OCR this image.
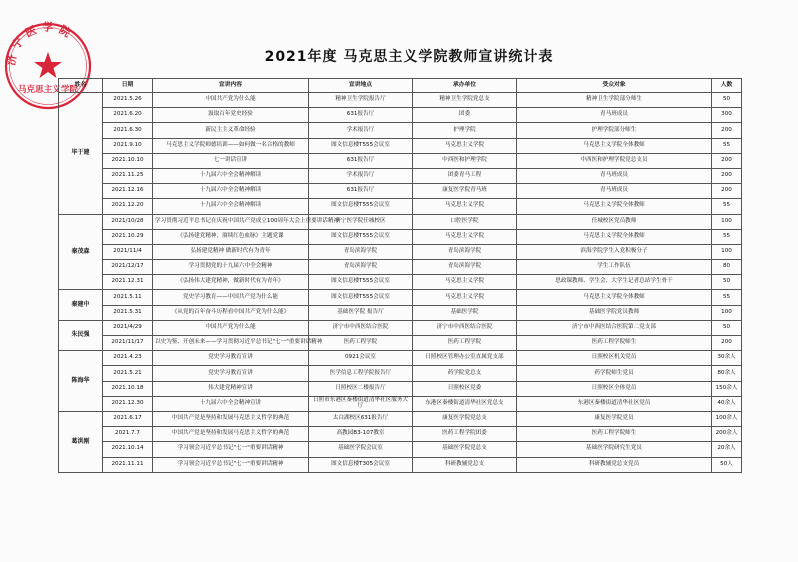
济宁医学院
马克思主义学院
2021年度 马克思主义学院教师宣讲统计表
姓名	日期	宣讲内容	宣讲地点	承办单位	受众对象	人数
毕于建	2021.5.26	中国共产党为什么能	精神卫生学院报告厅	精神卫生学院党总支	精神卫生学院部分师生	50
	2021.6.20	汲取百年党史经验	631报告厅	团委	青马班成员	300
	2021.6.30	新民主主义革命经验	学术报告厅	护理学院	护理学院部分师生	200
	2021.9.10	马克思主义学院师德培训——如何做一名合格的教师	图文信息楼T555会议室	马克思主义学院	马克思主义学院全体教师	55
	2021.10.10	七一讲话宣讲	631报告厅	中西医和护理学院	中西医和护理学院党总支员	200
	2021.11.25	十九届六中全会精神解读	学术报告厅	团委青马工程	青马班成员	200
	2021.12.16	十九届六中全会精神解读	631报告厅	康复医学院青马班	青马班成员	200
	2021.12.20	十九届六中全会精神解读	图文信息楼T555会议室	马克思主义学院	马克思主义学院全体教师	55
秦茂森	2021/10/28	学习贯彻习近平总书记在庆祝中国共产党成立100周年大会上重要讲话精神	济宁医学院任城校区	口腔医学院	任城校区党员教师	100
	2021.10.29	《弘扬建党精神，赓续红色血脉》主题党课	图文信息楼T555会议室	马克思主义学院	马克思主义学院全体教师	55
	2021/11/4	弘扬建党精神 做新时代有为青年	青岛滨海学院	青岛滨海学院	滨海学院学生入党积极分子	100
	2021/12/17	学习贯彻党的十九届六中全会精神	青岛滨海学院	青岛滨海学院	学生工作队伍	80
	2021.12.31	《弘扬伟大建党精神，做新时代有为青年》	图文信息楼T555会议室	马克思主义学院	思政课教师、学生会、大学生记者总站学生骨干	50
秦建中	2021.5.11	党史学习教育——中国共产党为什么能	图文信息楼T555会议室	马克思主义学院	马克思主义学院全体教师	55
	2021.5.31	《从党的百年奋斗历程看中国共产党为什么能》	基础医学院 报告厅	基础医学院	基础医学院党员教师	100
朱民强	2021/4/29	中国共产党为什么能	济宁市中西医结合医院	济宁市中西医结合医院	济宁市中西医结合医院第二党支部	50
	2021/11/17	以史为鉴、开创未来——学习贯彻习近平总书记"七一"重要讲话精神	医药工程学院	医药工程学院	医药工程学院师生	200
陈海华	2021.4.23	党史学习教育宣讲	0921会议室	日照校区管理办公室直属党支部	日照校区机关党员	30余人
	2021.5.21	党史学习教育宣讲	医学信息工程学院报告厅	药学院党总支	药学院师生党员	80余人
	2021.10.18	伟大建党精神宣讲	日照校区二楼报告厅	日照校区党委	日照校区全体党员	150余人
	2021.12.30	十九届六中全会精神宣讲	日照市东港区秦楼街道清华社区服务大厅	东港区秦楼街道清华社区党总支	东港区秦楼街道清华社区党员	40余人
葛洪刚	2021.6.17	中国共产党是坚持和发展马克思主义哲学的典范	太白湖校区631报告厅	康复医学院党总支	康复医学院党员	100余人
	2021.7.7	中国共产党是坚持和发展马克思主义哲学的典范	高教园B3-107教室	医药工程学院团委	医药工程学院师生	200余人
	2021.10.14	学习领会习近平总书记"七一"重要讲话精神	基础医学院会议室	基础医学院党总支	基础医学院研究生党员	20余人
	2021.11.11	学习领会习近平总书记"七一"重要讲话精神	图文信息楼T305会议室	科研教辅党总支	科研教辅党总支党员	50人
